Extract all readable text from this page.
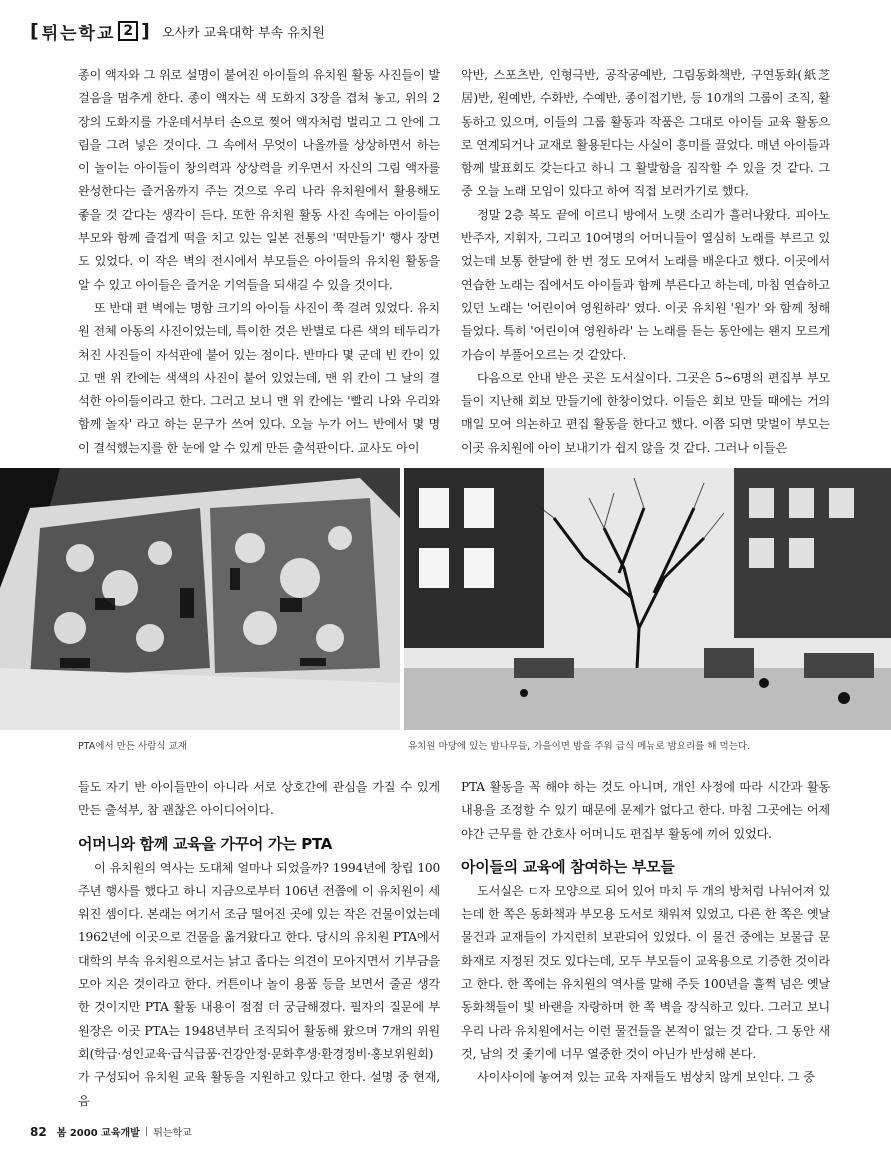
[ 튀는학교 2 ] 오사카 교육대학 부속 유치원

종이 액자와 그 위로 설명이 붙여진 아이들의 유치원 활동 사진들이 발걸음을 멈추게 한다. 종이 액자는 색 도화지 3장을 겹쳐 놓고, 위의 2장의 도화지를 가운데서부터 손으로 찢어 액자처럼 벌리고 그 안에 그림을 그려 넣은 것이다. 그 속에서 무엇이 나올까를 상상하면서 하는 이 놀이는 아이들이 창의력과 상상력을 키우면서 자신의 그림 액자를 완성한다는 즐거움까지 주는 것으로 우리 나라 유치원에서 활용해도 좋을 것 같다는 생각이 든다. 또한 유치원 활동 사진 속에는 아이들이 부모와 함께 즐겁게 떡을 치고 있는 일본 전통의 '떡만들기' 행사 장면도 있었다. 이 작은 벽의 전시에서 부모들은 아이들의 유치원 활동을 알 수 있고 아이들은 즐거운 기억들을 되새길 수 있을 것이다.

또 반대 편 벽에는 명함 크기의 아이들 사진이 쭉 걸려 있었다. 유치원 전체 아동의 사진이었는데, 특이한 것은 반별로 다른 색의 테두리가 쳐진 사진들이 자석판에 붙어 있는 점이다. 반마다 몇 군데 빈 칸이 있고 맨 위 칸에는 색색의 사진이 붙어 있었는데, 맨 위 칸이 그 날의 결석한 아이들이라고 한다. 그러고 보니 맨 위 칸에는 '빨리 나와 우리와 함께 놀자' 라고 하는 문구가 쓰여 있다. 오늘 누가 어느 반에서 몇 명이 결석했는지를 한 눈에 알 수 있게 만든 출석판이다. 교사도 아이

악반, 스포츠반, 인형극반, 공작공예반, 그림동화책반, 구연동화(紙芝居)반, 원예반, 수화반, 수예반, 종이접기반, 등 10개의 그룹이 조직, 활동하고 있으며, 이들의 그룹 활동과 작품은 그대로 아이들 교육 활동으로 연계되거나 교재로 활용된다는 사실이 흥미를 끌었다. 매년 아이들과 함께 발표회도 갖는다고 하니 그 활발함을 짐작할 수 있을 것 같다. 그 중 오늘 노래 모임이 있다고 하여 직접 보러가기로 했다.

정말 2층 복도 끝에 이르니 방에서 노랫 소리가 흘러나왔다. 피아노 반주자, 지휘자, 그리고 10여명의 어머니들이 열심히 노래를 부르고 있었는데 보통 한달에 한 번 정도 모여서 노래를 배운다고 했다. 이곳에서 연습한 노래는 집에서도 아이들과 함께 부른다고 하는데, 마침 연습하고 있던 노래는 '어린이여 영원하라' 였다. 이곳 유치원 '원가' 와 함께 청해 들었다. 특히 '어린이여 영원하라' 는 노래를 듣는 동안에는 왠지 모르게 가슴이 부풀어오르는 것 같았다.

다음으로 안내 받은 곳은 도서실이다. 그곳은 5~6명의 편집부 부모들이 지난해 회보 만들기에 한창이었다. 이들은 회보 만들 때에는 거의 매일 모여 의논하고 편집 활동을 한다고 했다. 이쯤 되면 맞벌이 부모는 이곳 유치원에 아이 보내기가 쉽지 않을 것 같다. 그러나 이들은

PTA에서 만든 사람식 교재	유치원 마당에 있는 밤나무들, 가을이면 밤을 주워 급식 메뉴로 밤요리를 해 먹는다.

들도 자기 반 아이들만이 아니라 서로 상호간에 관심을 가질 수 있게 만든 출석부, 참 괜찮은 아이디어이다.

어머니와 함께 교육을 가꾸어 가는 PTA

이 유치원의 역사는 도대체 얼마나 되었을까? 1994년에 창립 100주년 행사를 했다고 하니 지금으로부터 106년 전쯤에 이 유치원이 세워진 셈이다. 본래는 여기서 조금 떨어진 곳에 있는 작은 건물이었는데 1962년에 이곳으로 건물을 옮겨왔다고 한다. 당시의 유치원 PTA에서 대학의 부속 유치원으로서는 낡고 좁다는 의견이 모아지면서 기부금을 모아 지은 것이라고 한다. 커튼이나 놀이 용품 등을 보면서 줄곧 생각한 것이지만 PTA 활동 내용이 점점 더 궁금해졌다. 필자의 질문에 부원장은 이곳 PTA는 1948년부터 조직되어 활동해 왔으며 7개의 위원회(학급·성인교육·급식급품·건강안정·문화후생·환경정비·홍보위원회)가 구성되어 유치원 교육 활동을 지원하고 있다고 한다. 설명 중 현재, 음

PTA 활동을 꼭 해야 하는 것도 아니며, 개인 사정에 따라 시간과 활동 내용을 조정할 수 있기 때문에 문제가 없다고 한다. 마침 그곳에는 어제 야간 근무를 한 간호사 어머니도 편집부 활동에 끼어 있었다.

아이들의 교육에 참여하는 부모들

도서실은 ㄷ자 모양으로 되어 있어 마치 두 개의 방처럼 나뉘어져 있는데 한 쪽은 동화책과 부모용 도서로 채워져 있었고, 다른 한 쪽은 옛날 물건과 교재들이 가지런히 보관되어 있었다. 이 물건 중에는 보물급 문화재로 지정된 것도 있다는데, 모두 부모들이 교육용으로 기증한 것이라고 한다. 한 쪽에는 유치원의 역사를 말해 주듯 100년을 훌쩍 넘은 옛날 동화책들이 빛 바랜을 자랑하며 한 쪽 벽을 장식하고 있다. 그러고 보니 우리 나라 유치원에서는 이런 물건들을 본적이 없는 것 같다. 그 동안 새 것, 남의 것 좇기에 너무 열중한 것이 아닌가 반성해 본다.

사이사이에 놓여져 있는 교육 자재들도 범상치 않게 보인다. 그 중

82 봄 2000 교육개발 | 튀는학교
